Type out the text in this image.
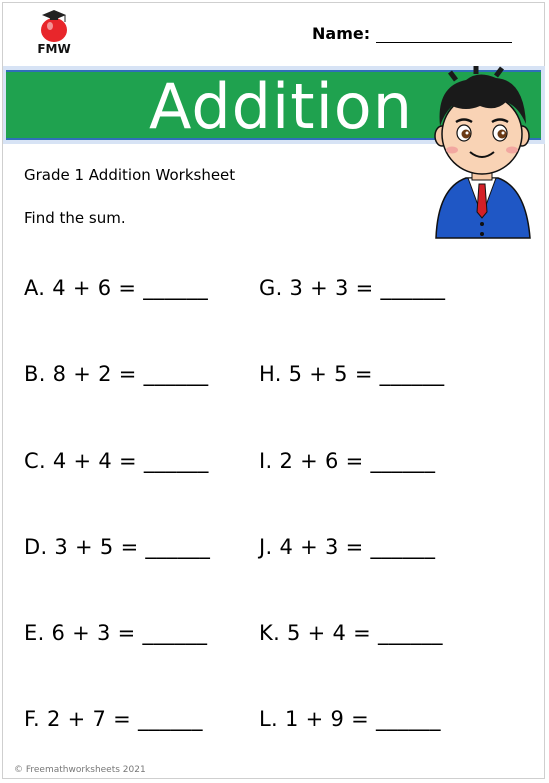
FMW
Name:
Addition
Grade 1 Addition Worksheet
Find the sum.
A. 4 + 6 = ______
B. 8 + 2 = ______
C. 4 + 4 = ______
D. 3 + 5 = ______
E. 6 + 3 = ______
F. 2 + 7 = ______
G. 3 + 3 = ______
H. 5 + 5 = ______
I. 2 + 6 = ______
J. 4 + 3 = ______
K. 5 + 4 = ______
L. 1 + 9 = ______
© Freemathworksheets 2021
